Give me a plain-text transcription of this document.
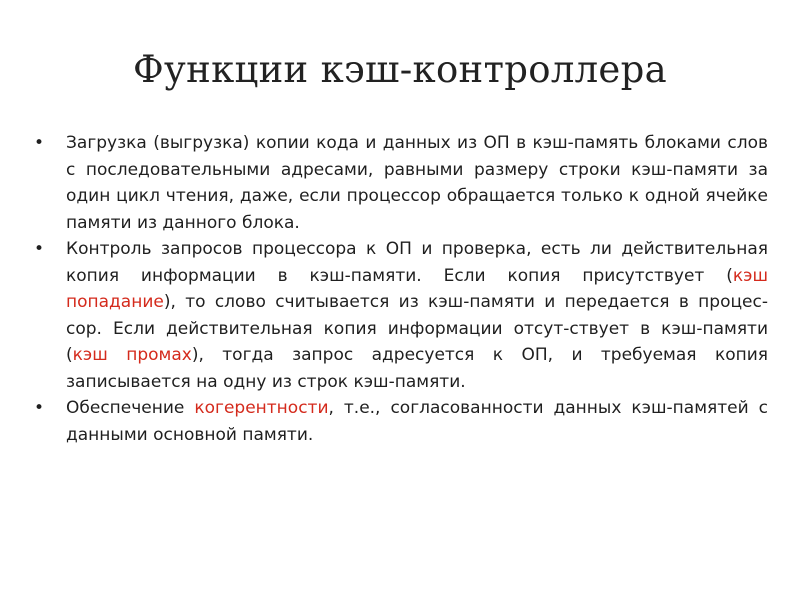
Функции кэш-контроллера
• Загрузка (выгрузка) копии кода и данных из ОП в кэш-память блоками слов с последовательными адресами, равными размеру строки кэш-памяти за один цикл чтения, даже, если процессор обращается только к одной ячейке памяти из данного блока.
• Контроль запросов процессора к ОП и проверка, есть ли действительная копия информации в кэш-памяти. Если копия присутствует (кэш попадание), то слово считывается из кэш-памяти и передается в процес-сор. Если действительная копия информации отсут-ствует в кэш-памяти (кэш промах), тогда запрос адресуется к ОП, и требуемая копия записывается на одну из строк кэш-памяти.
• Обеспечение когерентности, т.е., согласованности данных кэш-памятей с данными основной памяти.
